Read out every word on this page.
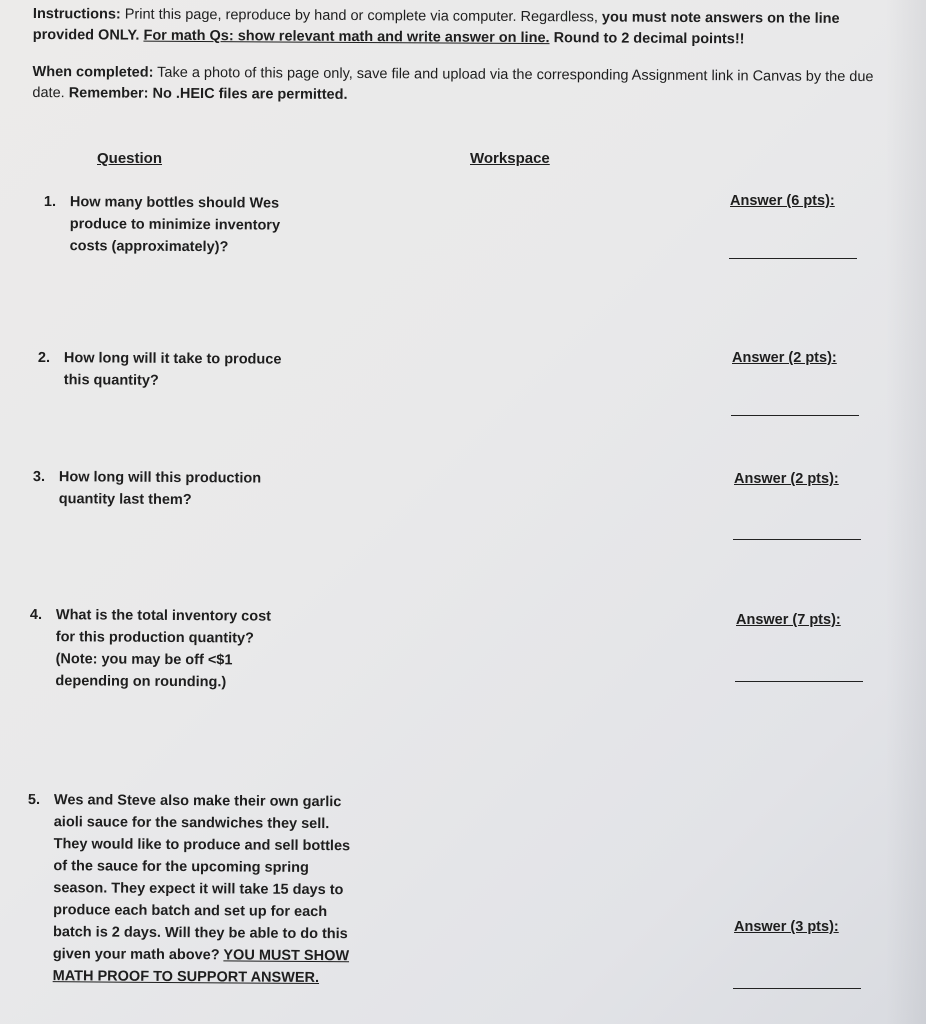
Instructions: Print this page, reproduce by hand or complete via computer. Regardless, you must note answers on the line provided ONLY. For math Qs: show relevant math and write answer on line. Round to 2 decimal points!!

When completed: Take a photo of this page only, save file and upload via the corresponding Assignment link in Canvas by the due date. Remember: No .HEIC files are permitted.

Question	Workspace
1. How many bottles should Wes produce to minimize inventory costs (approximately)?
Answer (6 pts):
2. How long will it take to produce this quantity?
Answer (2 pts):
3. How long will this production quantity last them?
Answer (2 pts):
4. What is the total inventory cost for this production quantity? (Note: you may be off <$1 depending on rounding.)
Answer (7 pts):
5. Wes and Steve also make their own garlic aioli sauce for the sandwiches they sell. They would like to produce and sell bottles of the sauce for the upcoming spring season. They expect it will take 15 days to produce each batch and set up for each batch is 2 days. Will they be able to do this given your math above? YOU MUST SHOW MATH PROOF TO SUPPORT ANSWER.
Answer (3 pts):
